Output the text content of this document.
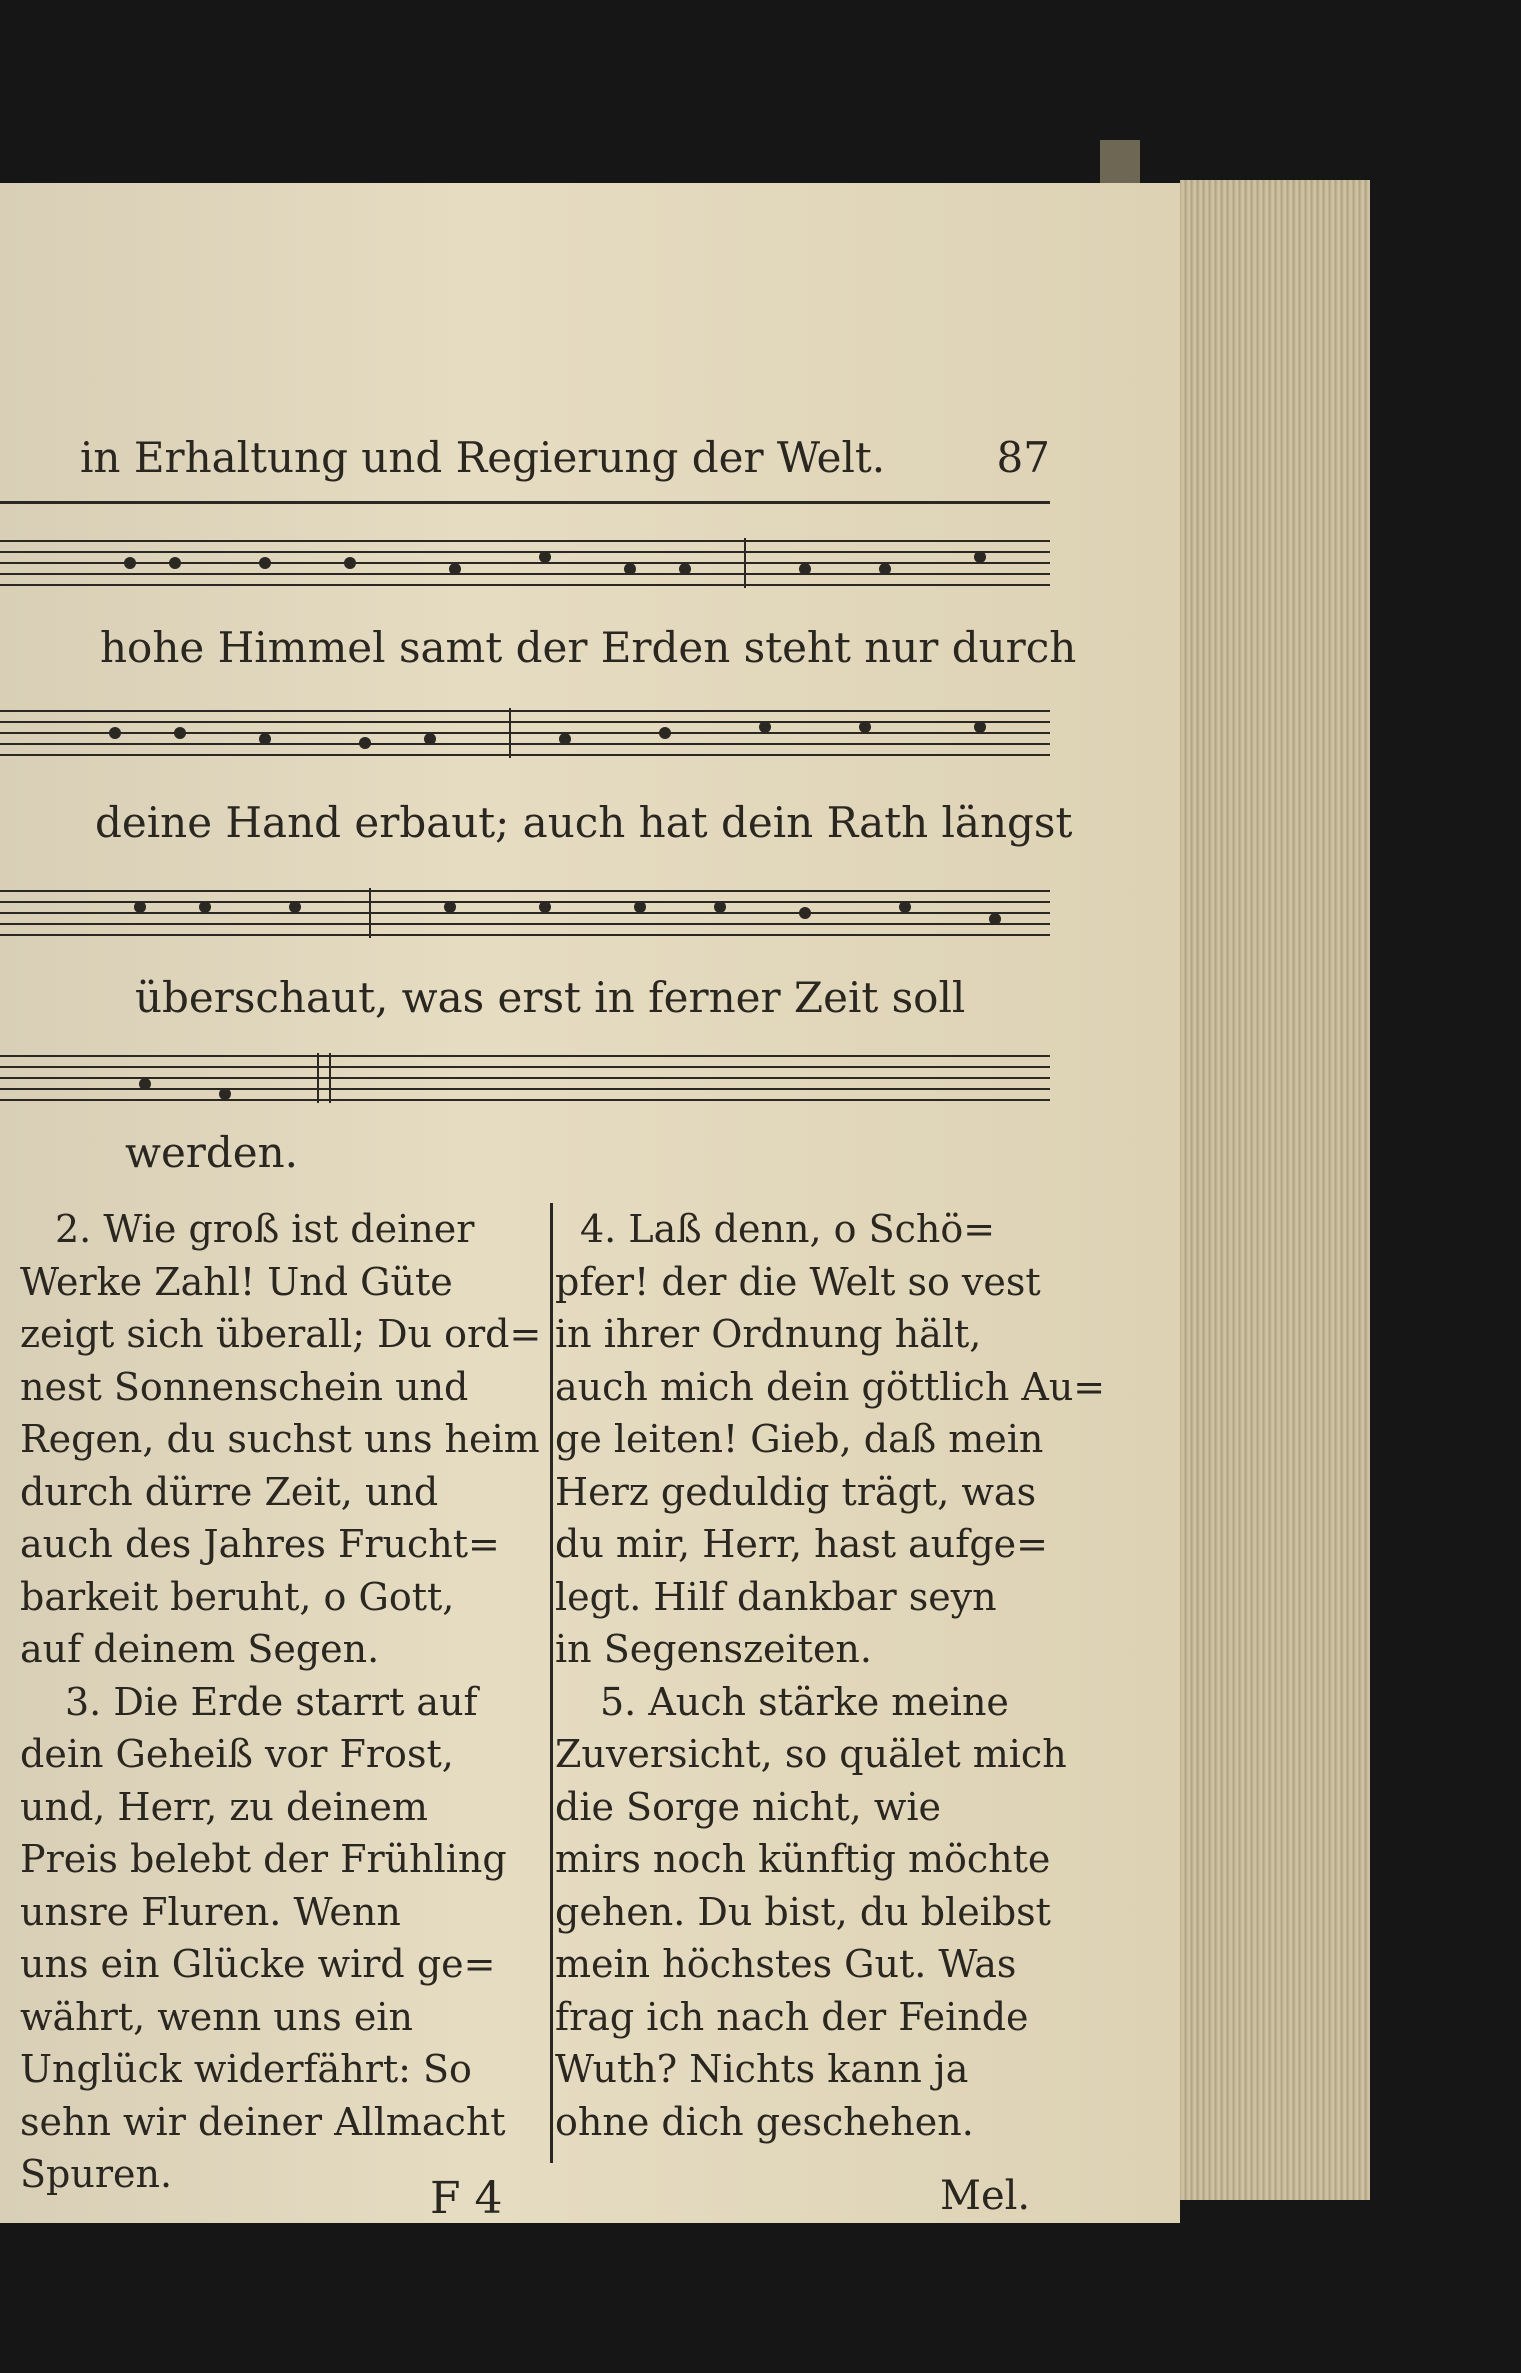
in Erhaltung und Regierung der Welt.	87
hohe Himmel samt der Erden steht nur durch
deine Hand erbaut; auch hat dein Rath längst
überschaut, was erst in ferner Zeit soll
werden.

2. Wie groß ist deiner

Werke Zahl! Und Güte

zeigt sich überall; Du ord=

nest Sonnenschein und

Regen, du suchst uns heim

durch dürre Zeit, und

auch des Jahres Frucht=

barkeit beruht, o Gott,

auf deinem Segen.

3. Die Erde starrt auf

dein Geheiß vor Frost,

und, Herr, zu deinem

Preis belebt der Frühling

unsre Fluren. Wenn

uns ein Glücke wird ge=

währt, wenn uns ein

Unglück widerfährt: So

sehn wir deiner Allmacht

Spuren.

4. Laß denn, o Schö=

pfer! der die Welt so vest

in ihrer Ordnung hält,

auch mich dein göttlich Au=

ge leiten! Gieb, daß mein

Herz geduldig trägt, was

du mir, Herr, hast aufge=

legt. Hilf dankbar seyn

in Segenszeiten.

5. Auch stärke meine

Zuversicht, so quälet mich

die Sorge nicht, wie

mirs noch künftig möchte

gehen. Du bist, du bleibst

mein höchstes Gut. Was

frag ich nach der Feinde

Wuth? Nichts kann ja

ohne dich geschehen.

F 4	Mel.
